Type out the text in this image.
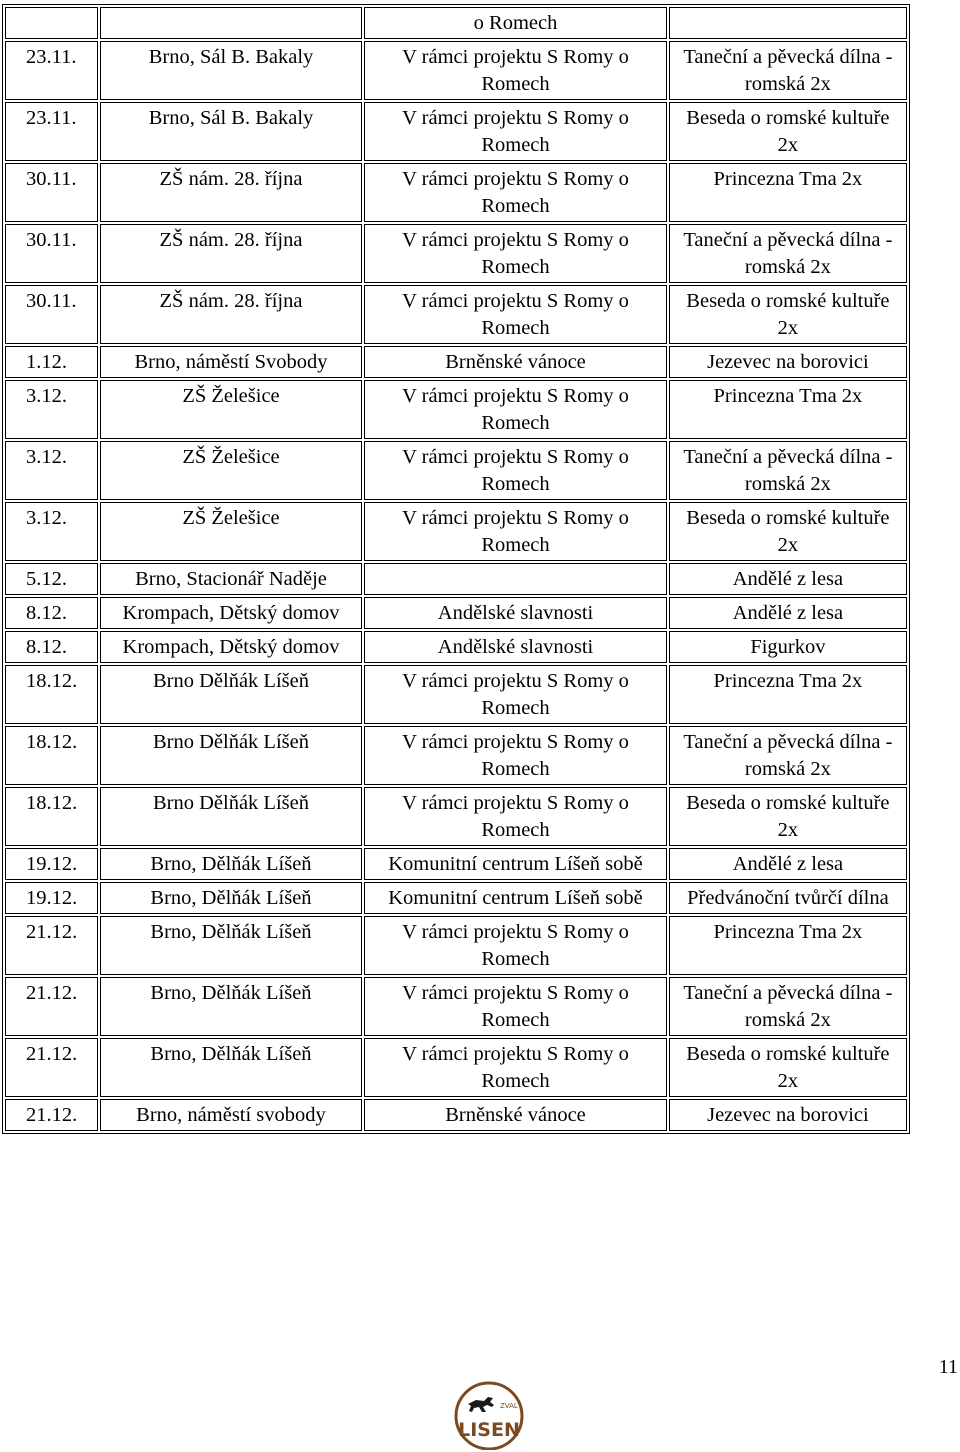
		o Romech	
23.11.	Brno, Sál B. Bakaly	V rámci projektu S Romy o Romech	Taneční a pěvecká dílna - romská 2x
23.11.	Brno, Sál B. Bakaly	V rámci projektu S Romy o Romech	Beseda o romské kultuře 2x
30.11.	ZŠ nám. 28. října	V rámci projektu S Romy o Romech	Princezna Tma 2x
30.11.	ZŠ nám. 28. října	V rámci projektu S Romy o Romech	Taneční a pěvecká dílna - romská 2x
30.11.	ZŠ nám. 28. října	V rámci projektu S Romy o Romech	Beseda o romské kultuře 2x
1.12.	Brno, náměstí Svobody	Brněnské vánoce	Jezevec na borovici
3.12.	ZŠ Želešice	V rámci projektu S Romy o Romech	Princezna Tma 2x
3.12.	ZŠ Želešice	V rámci projektu S Romy o Romech	Taneční a pěvecká dílna - romská 2x
3.12.	ZŠ Želešice	V rámci projektu S Romy o Romech	Beseda o romské kultuře 2x
5.12.	Brno, Stacionář Naděje		Andělé z lesa
8.12.	Krompach, Dětský domov	Andělské slavnosti	Andělé z lesa
8.12.	Krompach, Dětský domov	Andělské slavnosti	Figurkov
18.12.	Brno Dělňák Líšeň	V rámci projektu S Romy o Romech	Princezna Tma 2x
18.12.	Brno Dělňák Líšeň	V rámci projektu S Romy o Romech	Taneční a pěvecká dílna - romská 2x
18.12.	Brno Dělňák Líšeň	V rámci projektu S Romy o Romech	Beseda o romské kultuře 2x
19.12.	Brno, Dělňák Líšeň	Komunitní centrum Líšeň sobě	Andělé z lesa
19.12.	Brno, Dělňák Líšeň	Komunitní centrum Líšeň sobě	Předvánoční tvůrčí dílna
21.12.	Brno, Dělňák Líšeň	V rámci projektu S Romy o Romech	Princezna Tma 2x
21.12.	Brno, Dělňák Líšeň	V rámci projektu S Romy o Romech	Taneční a pěvecká dílna - romská 2x
21.12.	Brno, Dělňák Líšeň	V rámci projektu S Romy o Romech	Beseda o romské kultuře 2x
21.12.	Brno, náměstí svobody	Brněnské vánoce	Jezevec na borovici
11
ZVAL
LISEN
